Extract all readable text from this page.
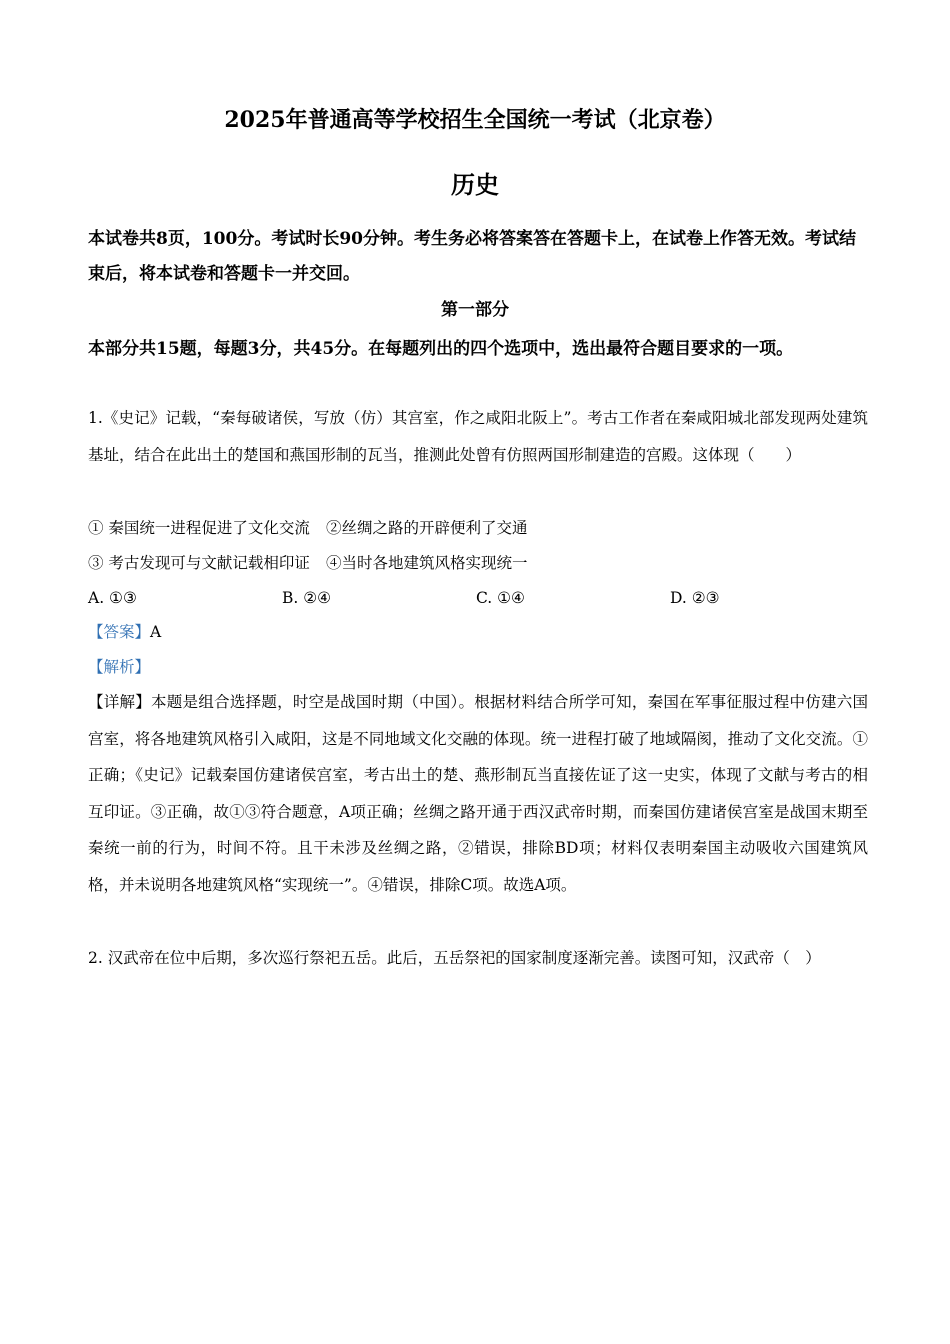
2025年普通高等学校招生全国统一考试（北京卷）
历史
本试卷共8页，100分。考试时长90分钟。考生务必将答案答在答题卡上，在试卷上作答无效。考试结束后，将本试卷和答题卡一并交回。
第一部分
本部分共15题，每题3分，共45分。在每题列出的四个选项中，选出最符合题目要求的一项。
1.《史记》记载，“秦每破诸侯，写放（仿）其宫室，作之咸阳北阪上”。考古工作者在秦咸阳城北部发现两处建筑基址，结合在此出土的楚国和燕国形制的瓦当，推测此处曾有仿照两国形制建造的宫殿。这体现（　　）
① 秦国统一进程促进了文化交流 ②丝绸之路的开辟便利了交通
③ 考古发现可与文献记载相印证 ④当时各地建筑风格实现统一
A. ①③	B. ②④	C. ①④	D. ②③
【答案】A
【解析】
【详解】本题是组合选择题，时空是战国时期（中国）。根据材料结合所学可知，秦国在军事征服过程中仿建六国宫室，将各地建筑风格引入咸阳，这是不同地域文化交融的体现。统一进程打破了地域隔阂，推动了文化交流。①正确；《史记》记载秦国仿建诸侯宫室，考古出土的楚、燕形制瓦当直接佐证了这一史实，体现了文献与考古的相互印证。③正确，故①③符合题意，A项正确；丝绸之路开通于西汉武帝时期，而秦国仿建诸侯宫室是战国末期至秦统一前的行为，时间不符。且干未涉及丝绸之路，②错误，排除BD项；材料仅表明秦国主动吸收六国建筑风格，并未说明各地建筑风格“实现统一”。④错误，排除C项。故选A项。
2. 汉武帝在位中后期，多次巡行祭祀五岳。此后，五岳祭祀的国家制度逐渐完善。读图可知，汉武帝（　）
